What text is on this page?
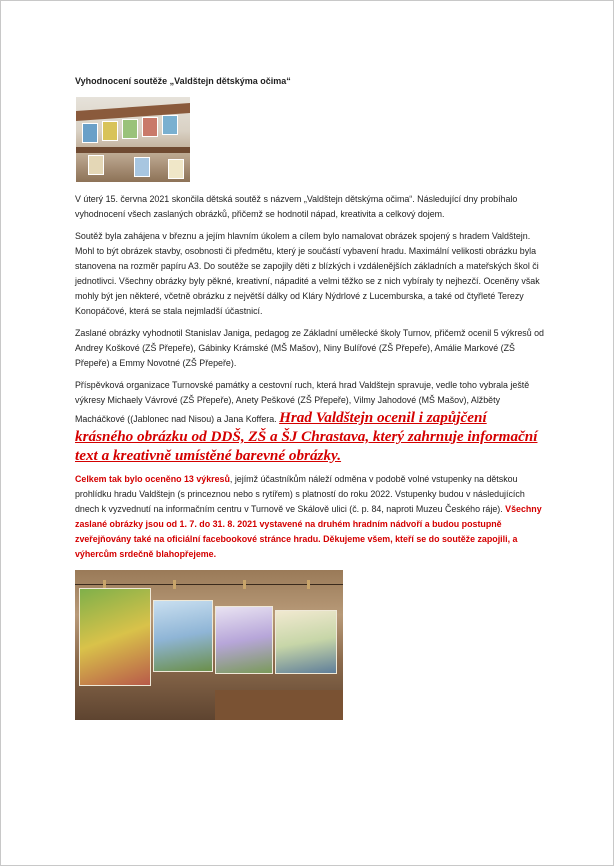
Vyhodnocení soutěže „Valdštejn dětskýma očima“

V úterý 15. června 2021 skončila dětská soutěž s názvem „Valdštejn dětskýma očima“. Následující dny probíhalo vyhodnocení všech zaslaných obrázků, přičemž se hodnotil nápad, kreativita a celkový dojem.

Soutěž byla zahájena v březnu a jejím hlavním úkolem a cílem bylo namalovat obrázek spojený s hradem Valdštejn. Mohl to být obrázek stavby, osobnosti či předmětu, který je součástí vybavení hradu. Maximální velikosti obrázku byla stanovena na rozměr papíru A3. Do soutěže se zapojily děti z blízkých i vzdálenějších základních a mateřských škol či jednotlivci. Všechny obrázky byly pěkné, kreativní, nápadité a velmi těžko se z nich vybíraly ty nejhezčí. Oceněny však mohly být jen některé, včetně obrázku z největší dálky od Kláry Nýdrlové z Lucemburska, a také od čtyřleté Terezy Konopáčové, která se stala nejmladší účastnicí.

Zaslané obrázky vyhodnotil Stanislav Janiga, pedagog ze Základní umělecké školy Turnov, přičemž ocenil 5 výkresů od Andrey Koškové (ZŠ Přepeře), Gábinky Krámské (MŠ Mašov), Niny Bulířové (ZŠ Přepeře), Amálie Markové (ZŠ Přepeře) a Emmy Novotné (ZŠ Přepeře).

Příspěvková organizace Turnovské památky a cestovní ruch, která hrad Valdštejn spravuje, vedle toho vybrala ještě výkresy Michaely Vávrové (ZŠ Přepeře), Anety Peškové (ZŠ Přepeře), Vilmy Jahodové (MŠ Mašov), Alžběty Macháčkové ((Jablonec nad Nisou) a Jana Koffera. Hrad Valdštejn ocenil i zapůjčení krásného obrázku od DDŠ, ZŠ a ŠJ Chrastava, který zahrnuje informační text a kreativně umístěné barevné obrázky.

Celkem tak bylo oceněno 13 výkresů, jejímž účastníkům náleží odměna v podobě volné vstupenky na dětskou prohlídku hradu Valdštejn (s princeznou nebo s rytířem) s platností do roku 2022. Vstupenky budou v následujících dnech k vyzvednutí na informačním centru v Turnově ve Skálově ulici (č. p. 84, naproti Muzeu Českého ráje). Všechny zaslané obrázky jsou od 1. 7. do 31. 8. 2021 vystavené na druhém hradním nádvoří a budou postupně zveřejňovány také na oficiální facebookové stránce hradu. Děkujeme všem, kteří se do soutěže zapojili, a výhercům srdečně blahopřejeme.
